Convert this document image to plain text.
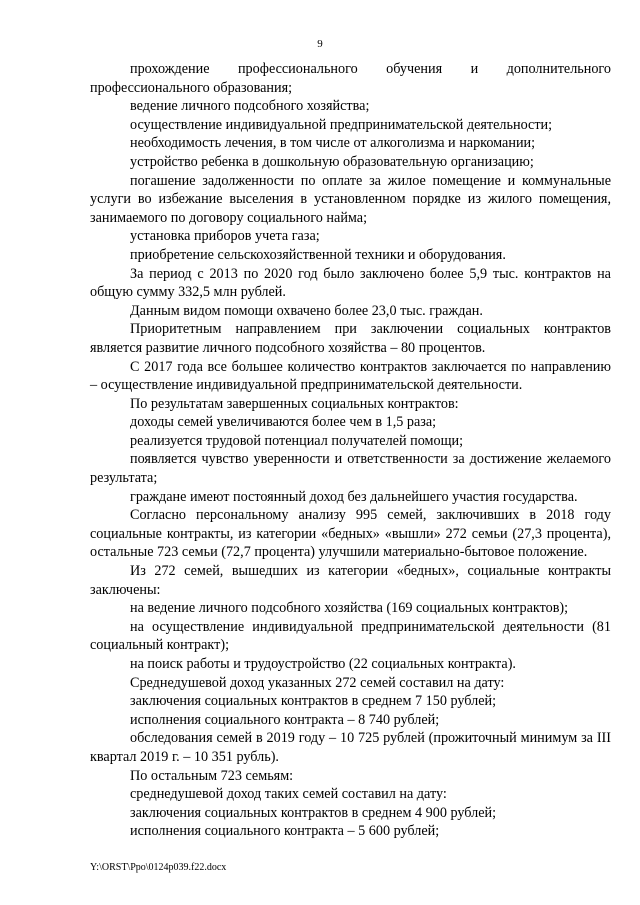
9

прохождение профессионального обучения и дополнительного профессионального образования;

ведение личного подсобного хозяйства;

осуществление индивидуальной предпринимательской деятельности;

необходимость лечения, в том числе от алкоголизма и наркомании;

устройство ребенка в дошкольную образовательную организацию;

погашение задолженности по оплате за жилое помещение и коммунальные услуги во избежание выселения в установленном порядке из жилого помещения, занимаемого по договору социального найма;

установка приборов учета газа;

приобретение сельскохозяйственной техники и оборудования.

За период с 2013 по 2020 год было заключено более 5,9 тыс. контрактов на общую сумму 332,5 млн рублей.

Данным видом помощи охвачено более 23,0 тыс. граждан.

Приоритетным направлением при заключении социальных контрактов является развитие личного подсобного хозяйства – 80 процентов.

С 2017 года все большее количество контрактов заключается по направлению – осуществление индивидуальной предпринимательской деятельности.

По результатам завершенных социальных контрактов:

доходы семей увеличиваются более чем в 1,5 раза;

реализуется трудовой потенциал получателей помощи;

появляется чувство уверенности и ответственности за достижение желаемого результата;

граждане имеют постоянный доход без дальнейшего участия государства.

Согласно персональному анализу 995 семей, заключивших в 2018 году социальные контракты, из категории «бедных» «вышли» 272 семьи (27,3 процента), остальные 723 семьи (72,7 процента) улучшили материально-бытовое положение.

Из 272 семей, вышедших из категории «бедных», социальные контракты заключены:

на ведение личного подсобного хозяйства (169 социальных контрактов);

на осуществление индивидуальной предпринимательской деятельности (81 социальный контракт);

на поиск работы и трудоустройство (22 социальных контракта).

Среднедушевой доход указанных 272 семей составил на дату:

заключения социальных контрактов в среднем 7 150 рублей;

исполнения социального контракта – 8 740 рублей;

обследования семей в 2019 году – 10 725 рублей (прожиточный минимум за III квартал 2019 г. – 10 351 рубль).

По остальным 723 семьям:

среднедушевой доход таких семей составил на дату:

заключения социальных контрактов в среднем 4 900 рублей;

исполнения социального контракта – 5 600 рублей;

Y:\ORST\Ppo\0124p039.f22.docx
